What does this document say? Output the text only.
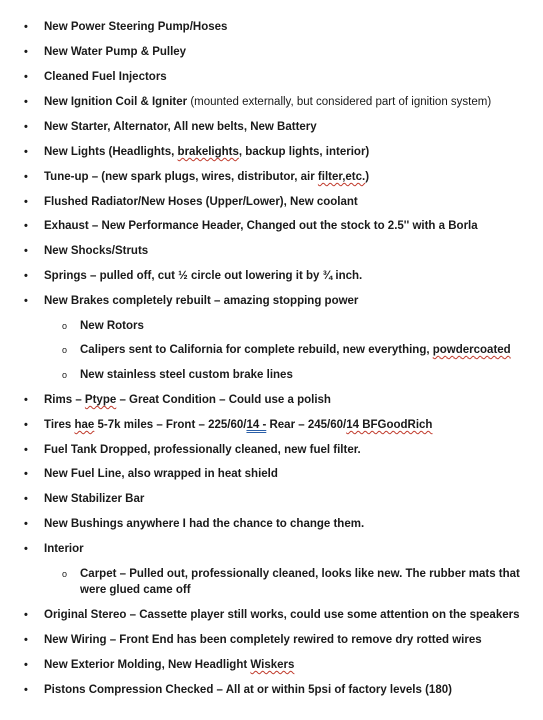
• New Power Steering Pump/Hoses
• New Water Pump & Pulley
• Cleaned Fuel Injectors
• New Ignition Coil & Igniter (mounted externally, but considered part of ignition system)
• New Starter, Alternator, All new belts, New Battery
• New Lights (Headlights, brakelights, backup lights, interior)
• Tune-up – (new spark plugs, wires, distributor, air filter,etc.)
• Flushed Radiator/New Hoses (Upper/Lower), New coolant
• Exhaust – New Performance Header, Changed out the stock to 2.5'' with a Borla
• New Shocks/Struts
• Springs – pulled off, cut ½ circle out lowering it by ¾ inch.
• New Brakes completely rebuilt – amazing stopping power
o New Rotors
o Calipers sent to California for complete rebuild, new everything, powdercoated
o New stainless steel custom brake lines
• Rims – Ptype – Great Condition – Could use a polish
• Tires hae 5-7k miles – Front – 225/60/14 - Rear – 245/60/14 BFGoodRich
• Fuel Tank Dropped, professionally cleaned, new fuel filter.
• New Fuel Line, also wrapped in heat shield
• New Stabilizer Bar
• New Bushings anywhere I had the chance to change them.
• Interior
o Carpet – Pulled out, professionally cleaned, looks like new. The rubber mats that were glued came off
• Original Stereo – Cassette player still works, could use some attention on the speakers
• New Wiring – Front End has been completely rewired to remove dry rotted wires
• New Exterior Molding, New Headlight Wiskers
• Pistons Compression Checked – All at or within 5psi of factory levels (180)
